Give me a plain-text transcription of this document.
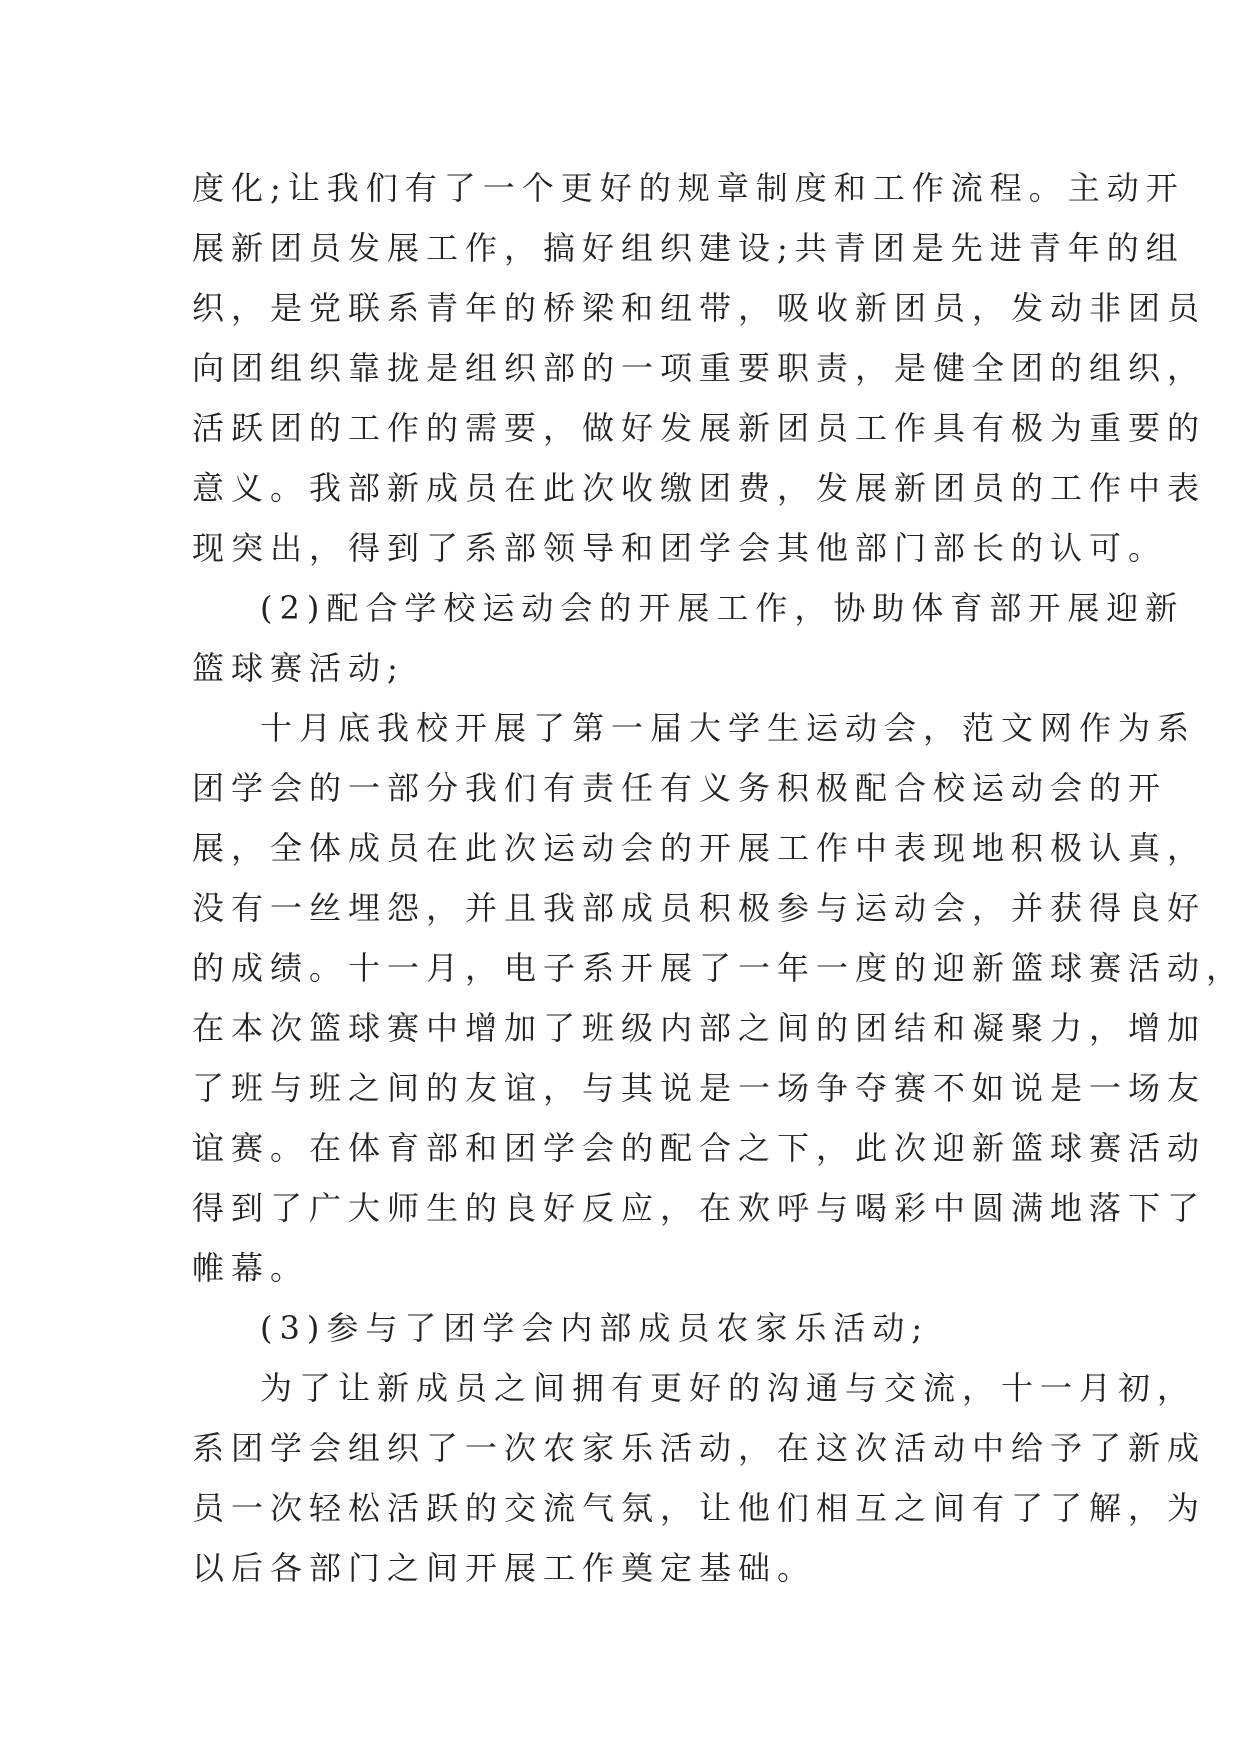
度化;让我们有了一个更好的规章制度和工作流程。主动开
展新团员发展工作，搞好组织建设;共青团是先进青年的组
织，是党联系青年的桥梁和纽带，吸收新团员，发动非团员
向团组织靠拢是组织部的一项重要职责，是健全团的组织，
活跃团的工作的需要，做好发展新团员工作具有极为重要的
意义。我部新成员在此次收缴团费，发展新团员的工作中表
现突出，得到了系部领导和团学会其他部门部长的认可。
(2)配合学校运动会的开展工作，协助体育部开展迎新
篮球赛活动;
十月底我校开展了第一届大学生运动会，范文网作为系
团学会的一部分我们有责任有义务积极配合校运动会的开
展，全体成员在此次运动会的开展工作中表现地积极认真，
没有一丝埋怨，并且我部成员积极参与运动会，并获得良好
的成绩。十一月，电子系开展了一年一度的迎新篮球赛活动，
在本次篮球赛中增加了班级内部之间的团结和凝聚力，增加
了班与班之间的友谊，与其说是一场争夺赛不如说是一场友
谊赛。在体育部和团学会的配合之下，此次迎新篮球赛活动
得到了广大师生的良好反应，在欢呼与喝彩中圆满地落下了
帷幕。
(3)参与了团学会内部成员农家乐活动;
为了让新成员之间拥有更好的沟通与交流，十一月初，
系团学会组织了一次农家乐活动，在这次活动中给予了新成
员一次轻松活跃的交流气氛，让他们相互之间有了了解，为
以后各部门之间开展工作奠定基础。
